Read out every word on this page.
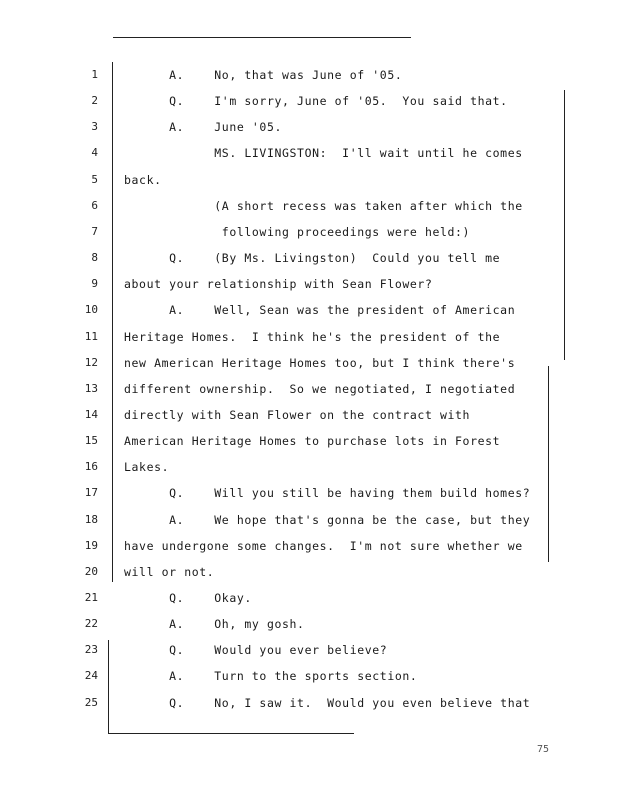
1 A.    No, that was June of '05.
2 Q.    I'm sorry, June of '05.  You said that.
3 A.    June '05.
4 MS. LIVINGSTON:  I'll wait until he comes
5 back.
6 (A short recess was taken after which the
7 following proceedings were held:)
8 Q.    (By Ms. Livingston)  Could you tell me
9 about your relationship with Sean Flower?
10 A.    Well, Sean was the president of American
11 Heritage Homes.  I think he's the president of the
12 new American Heritage Homes too, but I think there's
13 different ownership.  So we negotiated, I negotiated
14 directly with Sean Flower on the contract with
15 American Heritage Homes to purchase lots in Forest
16 Lakes.
17 Q.    Will you still be having them build homes?
18 A.    We hope that's gonna be the case, but they
19 have undergone some changes.  I'm not sure whether we
20 will or not.
21 Q.    Okay.
22 A.    Oh, my gosh.
23 Q.    Would you ever believe?
24 A.    Turn to the sports section.
25 Q.    No, I saw it.  Would you even believe that
75
